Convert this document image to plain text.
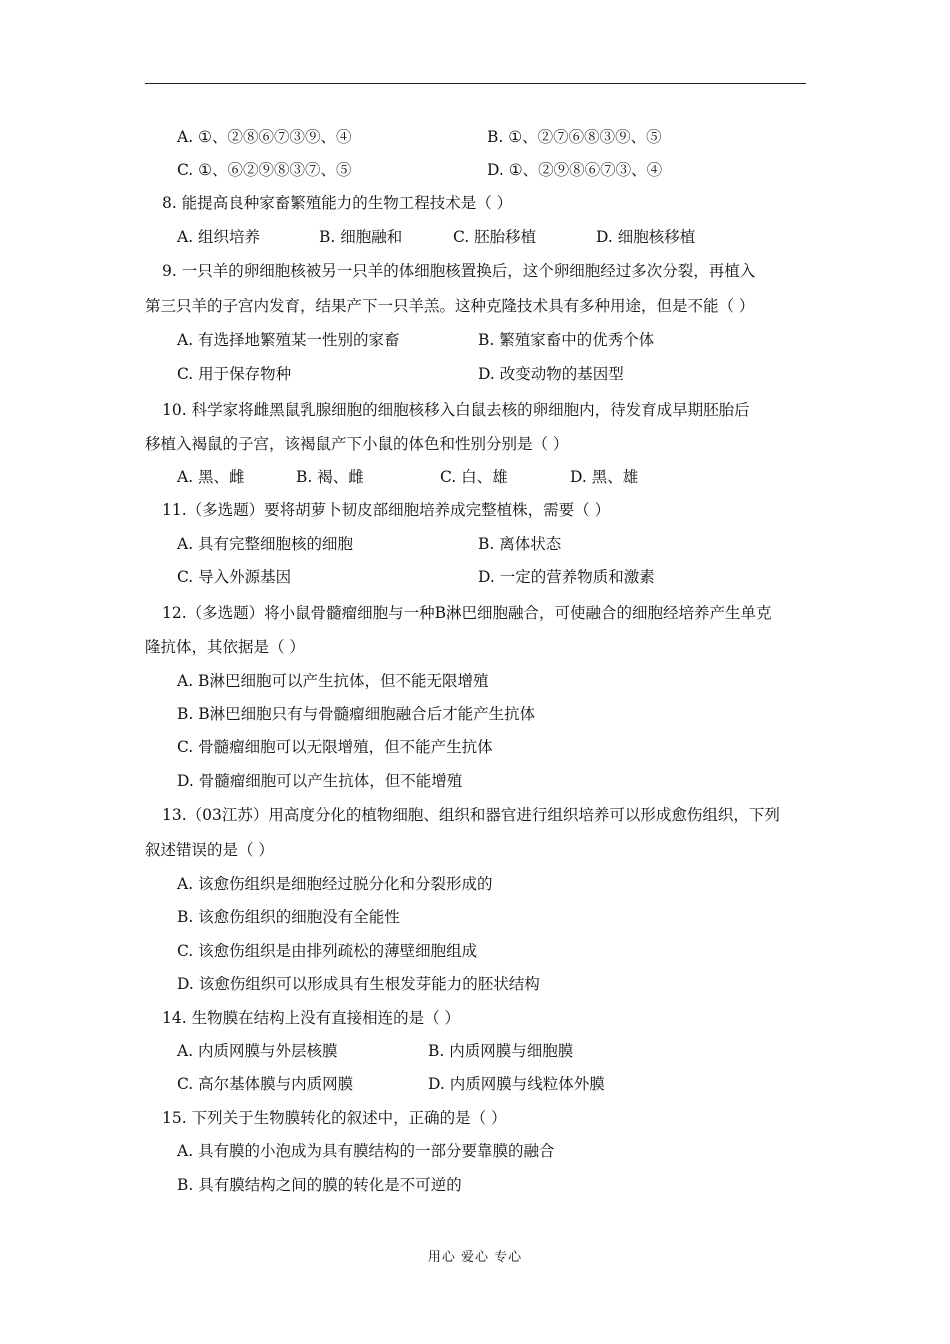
A. ①、②⑧⑥⑦③⑨、④	B. ①、②⑦⑥⑧③⑨、⑤
C. ①、⑥②⑨⑧③⑦、⑤	D. ①、②⑨⑧⑥⑦③、④
8. 能提高良种家畜繁殖能力的生物工程技术是（ ）
A. 组织培养	B. 细胞融和	C. 胚胎移植	D. 细胞核移植
9. 一只羊的卵细胞核被另一只羊的体细胞核置换后，这个卵细胞经过多次分裂，再植入
第三只羊的子宫内发育，结果产下一只羊羔。这种克隆技术具有多种用途，但是不能（ ）
A. 有选择地繁殖某一性别的家畜	B. 繁殖家畜中的优秀个体
C. 用于保存物种	D. 改变动物的基因型
10. 科学家将雌黑鼠乳腺细胞的细胞核移入白鼠去核的卵细胞内，待发育成早期胚胎后
移植入褐鼠的子宫，该褐鼠产下小鼠的体色和性别分别是（ ）
A. 黑、雌	B. 褐、雌	C. 白、雄	D. 黑、雄
11.（多选题）要将胡萝卜韧皮部细胞培养成完整植株，需要（ ）
A. 具有完整细胞核的细胞	B. 离体状态
C. 导入外源基因	D. 一定的营养物质和激素
12.（多选题）将小鼠骨髓瘤细胞与一种B淋巴细胞融合，可使融合的细胞经培养产生单克
隆抗体，其依据是（ ）
A. B淋巴细胞可以产生抗体，但不能无限增殖
B. B淋巴细胞只有与骨髓瘤细胞融合后才能产生抗体
C. 骨髓瘤细胞可以无限增殖，但不能产生抗体
D. 骨髓瘤细胞可以产生抗体，但不能增殖
13.（03江苏）用高度分化的植物细胞、组织和器官进行组织培养可以形成愈伤组织，下列
叙述错误的是（ ）
A. 该愈伤组织是细胞经过脱分化和分裂形成的
B. 该愈伤组织的细胞没有全能性
C. 该愈伤组织是由排列疏松的薄壁细胞组成
D. 该愈伤组织可以形成具有生根发芽能力的胚状结构
14. 生物膜在结构上没有直接相连的是（ ）
A. 内质网膜与外层核膜	B. 内质网膜与细胞膜
C. 高尔基体膜与内质网膜	D. 内质网膜与线粒体外膜
15. 下列关于生物膜转化的叙述中，正确的是（ ）
A. 具有膜的小泡成为具有膜结构的一部分要靠膜的融合
B. 具有膜结构之间的膜的转化是不可逆的
用心 爱心 专心
